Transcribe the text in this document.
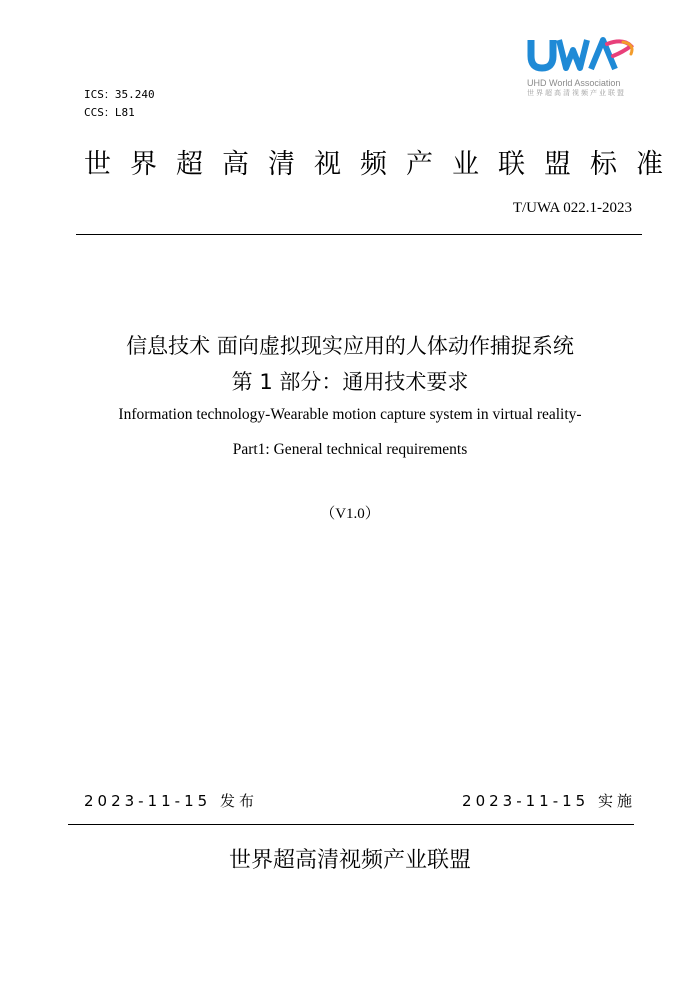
UHD World Association
世界超高清视频产业联盟
ICS：35.240
CCS：L81
世界超高清视频产业联盟标准
T/UWA 022.1-2023
信息技术 面向虚拟现实应用的人体动作捕捉系统
第 1 部分：通用技术要求
Information technology-Wearable motion capture system in virtual reality-
Part1: General technical requirements
（V1.0）
2023-11-15 发布	2023-11-15 实施
世界超高清视频产业联盟
